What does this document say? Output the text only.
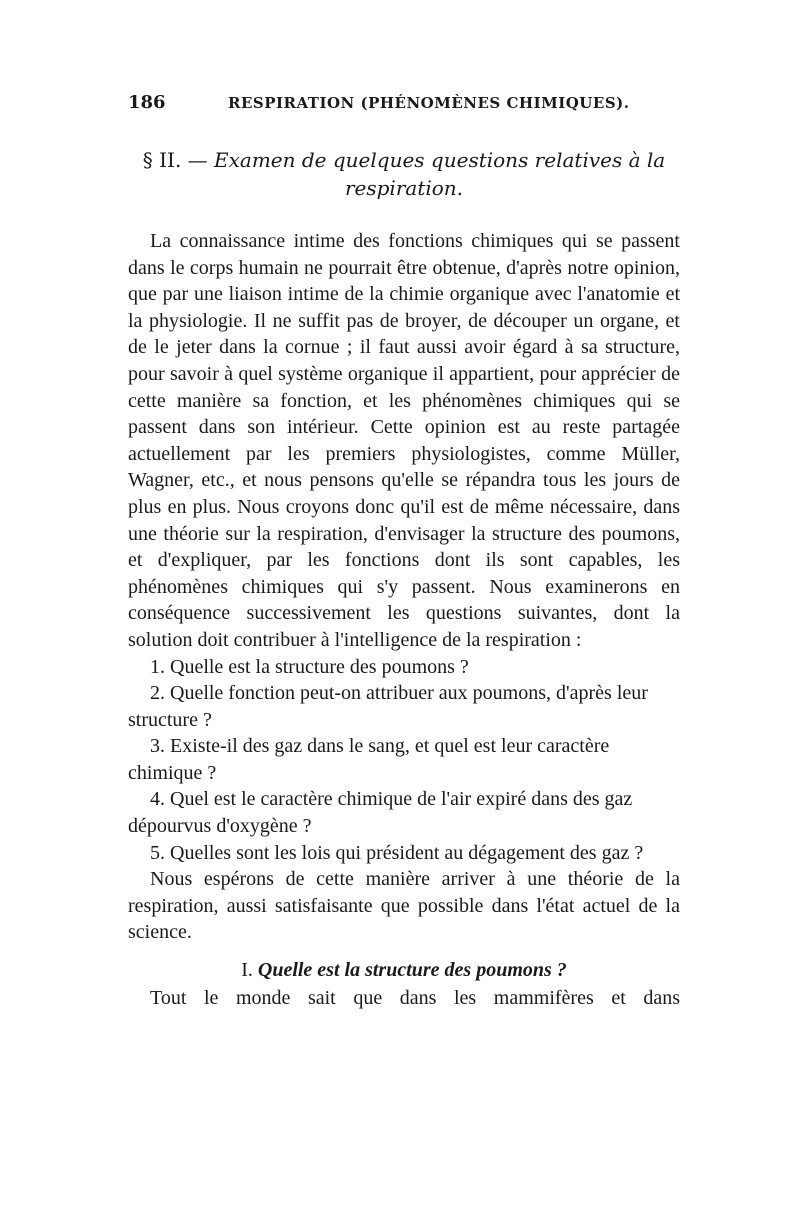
186	RESPIRATION (PHÉNOMÈNES CHIMIQUES).
§ II. — Examen de quelques questions relatives à la respiration.

La connaissance intime des fonctions chimiques qui se passent dans le corps humain ne pourrait être obtenue, d'après notre opinion, que par une liaison intime de la chimie organique avec l'anatomie et la physiologie. Il ne suffit pas de broyer, de découper un organe, et de le jeter dans la cornue ; il faut aussi avoir égard à sa structure, pour savoir à quel système organique il appartient, pour apprécier de cette manière sa fonction, et les phénomènes chimiques qui se passent dans son intérieur. Cette opinion est au reste partagée actuellement par les premiers physiologistes, comme Müller, Wagner, etc., et nous pensons qu'elle se répandra tous les jours de plus en plus. Nous croyons donc qu'il est de même nécessaire, dans une théorie sur la respiration, d'envisager la structure des poumons, et d'expliquer, par les fonctions dont ils sont capables, les phénomènes chimiques qui s'y passent. Nous examinerons en conséquence successivement les questions suivantes, dont la solution doit contribuer à l'intelligence de la respiration :

1. Quelle est la structure des poumons ?
2. Quelle fonction peut-on attribuer aux poumons, d'après leur structure ?
3. Existe-il des gaz dans le sang, et quel est leur caractère chimique ?
4. Quel est le caractère chimique de l'air expiré dans des gaz dépourvus d'oxygène ?
5. Quelles sont les lois qui président au dégagement des gaz ?

Nous espérons de cette manière arriver à une théorie de la respiration, aussi satisfaisante que possible dans l'état actuel de la science.

I. Quelle est la structure des poumons ?

Tout le monde sait que dans les mammifères et dans
